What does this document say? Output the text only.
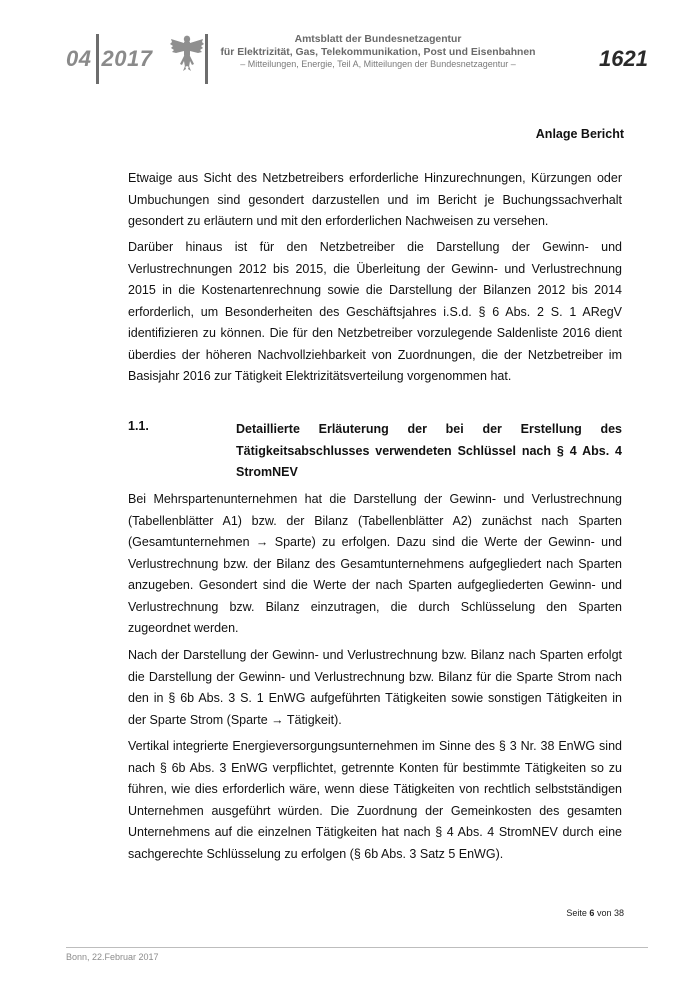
04 2017
Amtsblatt der Bundesnetzagentur
für Elektrizität, Gas, Telekommunikation, Post und Eisenbahnen
– Mitteilungen, Energie, Teil A, Mitteilungen der Bundesnetzagentur –	1621
Anlage Bericht

Etwaige aus Sicht des Netzbetreibers erforderliche Hinzurechnungen, Kürzungen oder Umbuchungen sind gesondert darzustellen und im Bericht je Buchungssachverhalt gesondert zu erläutern und mit den erforderlichen Nachweisen zu versehen.

Darüber hinaus ist für den Netzbetreiber die Darstellung der Gewinn- und Verlustrechnungen 2012 bis 2015, die Überleitung der Gewinn- und Verlustrechnung 2015 in die Kostenartenrechnung sowie die Darstellung der Bilanzen 2012 bis 2014 erforderlich, um Besonderheiten des Geschäftsjahres i.S.d. § 6 Abs. 2 S. 1 ARegV identifizieren zu können. Die für den Netzbetreiber vorzulegende Saldenliste 2016 dient überdies der höheren Nachvollziehbarkeit von Zuordnungen, die der Netzbetreiber im Basisjahr 2016 zur Tätigkeit Elektrizitätsverteilung vorgenommen hat.

1.1.	Detaillierte Erläuterung der bei der Erstellung des Tätigkeitsabschlusses verwendeten Schlüssel nach § 4 Abs. 4 StromNEV

Bei Mehrspartenunternehmen hat die Darstellung der Gewinn- und Verlustrechnung (Tabellenblätter A1) bzw. der Bilanz (Tabellenblätter A2) zunächst nach Sparten (Gesamtunternehmen → Sparte) zu erfolgen. Dazu sind die Werte der Gewinn- und Verlustrechnung bzw. der Bilanz des Gesamtunternehmens aufgegliedert nach Sparten anzugeben. Gesondert sind die Werte der nach Sparten aufgegliederten Gewinn- und Verlustrechnung bzw. Bilanz einzutragen, die durch Schlüsselung den Sparten zugeordnet werden.

Nach der Darstellung der Gewinn- und Verlustrechnung bzw. Bilanz nach Sparten erfolgt die Darstellung der Gewinn- und Verlustrechnung bzw. Bilanz für die Sparte Strom nach den in § 6b Abs. 3 S. 1 EnWG aufgeführten Tätigkeiten sowie sonstigen Tätigkeiten in der Sparte Strom (Sparte → Tätigkeit).

Vertikal integrierte Energieversorgungsunternehmen im Sinne des § 3 Nr. 38 EnWG sind nach § 6b Abs. 3 EnWG verpflichtet, getrennte Konten für bestimmte Tätigkeiten so zu führen, wie dies erforderlich wäre, wenn diese Tätigkeiten von rechtlich selbstständigen Unternehmen ausgeführt würden. Die Zuordnung der Gemeinkosten des gesamten Unternehmens auf die einzelnen Tätigkeiten hat nach § 4 Abs. 4 StromNEV durch eine sachgerechte Schlüsselung zu erfolgen (§ 6b Abs. 3 Satz 5 EnWG).

Seite 6 von 38
Bonn, 22.Februar 2017
